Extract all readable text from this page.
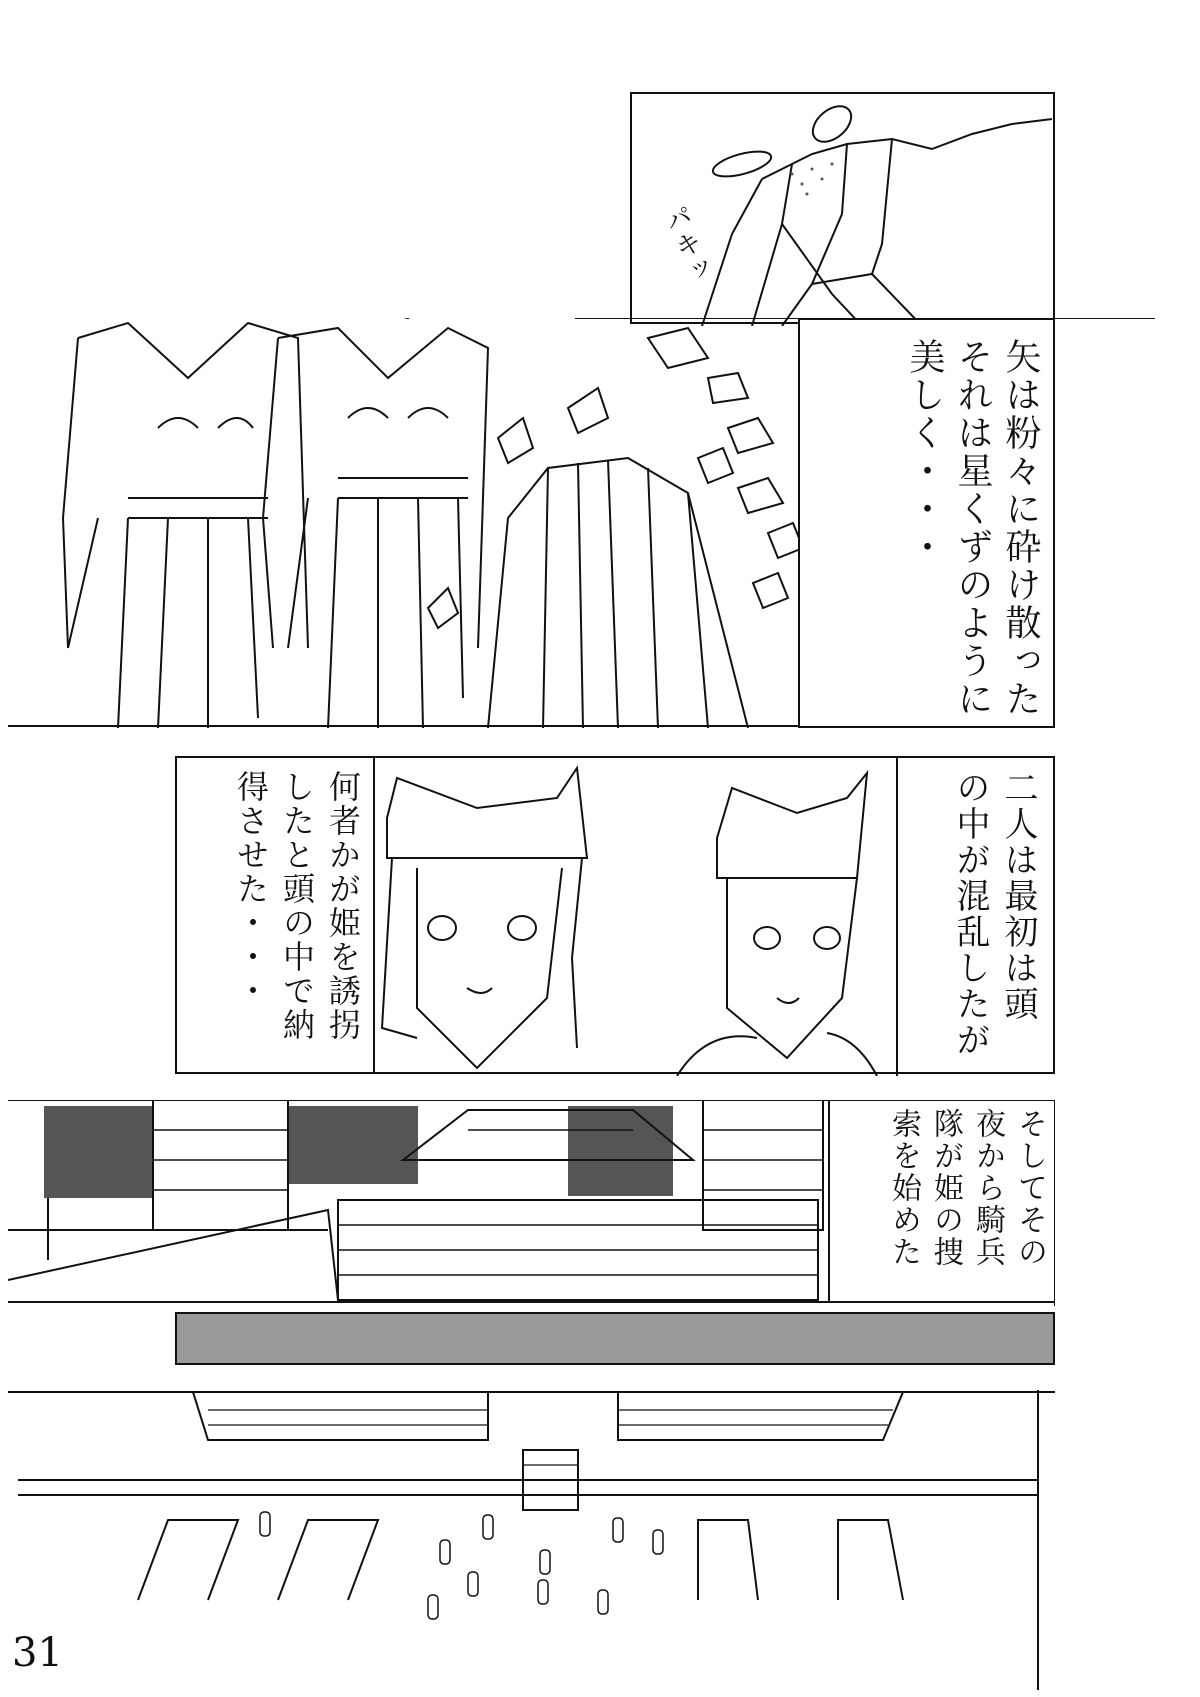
パキッ
矢は粉々に砕け散った
それは星くずのように
美しく・・・
何者かが姫を誘拐
したと頭の中で納
得させた・・・	二人は最初は頭
の中が混乱したが
そしてその
夜から騎兵
隊が姫の捜
索を始めた
31
